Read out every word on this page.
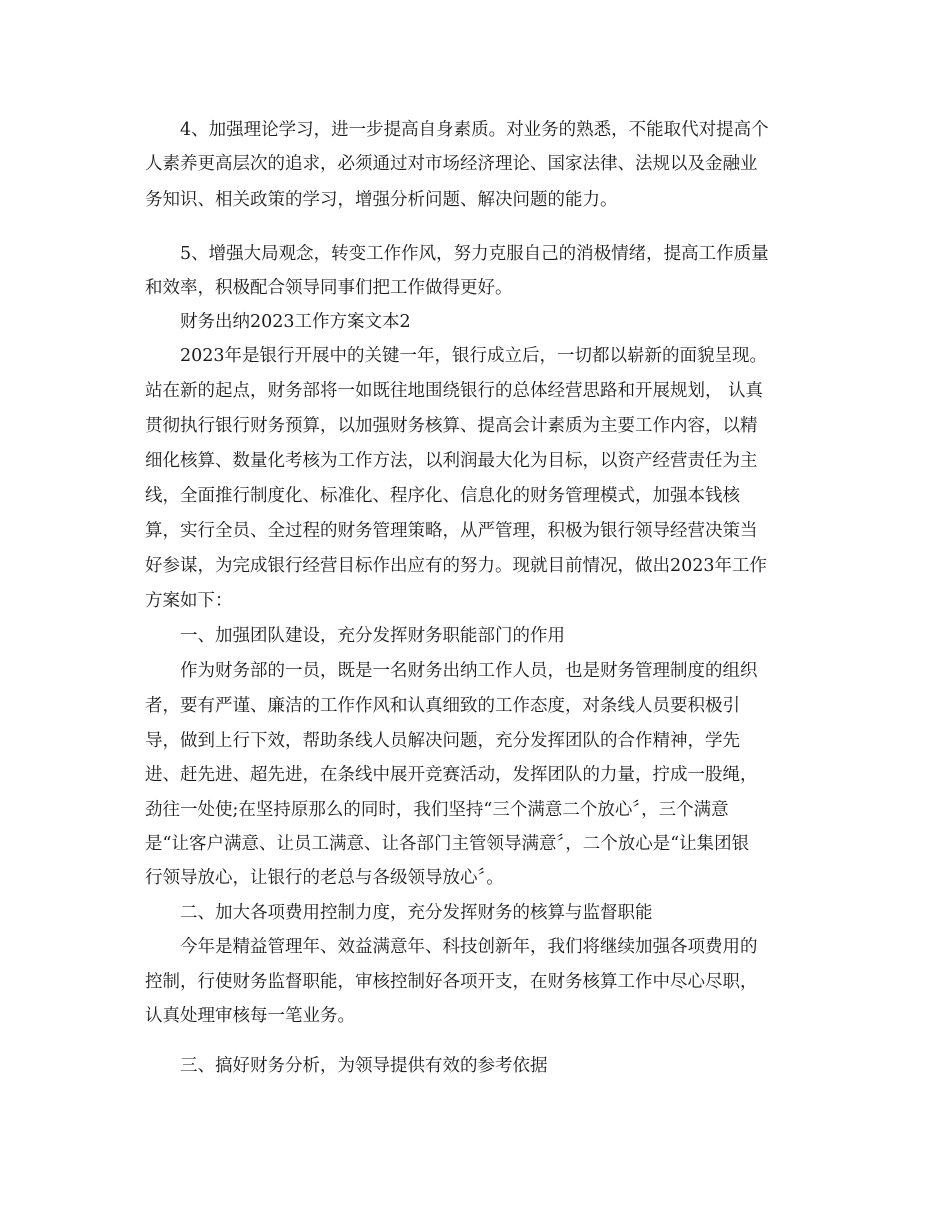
4、加强理论学习，进一步提高自身素质。对业务的熟悉，不能取代对提高个
人素养更高层次的追求，必须通过对市场经济理论、国家法律、法规以及金融业
务知识、相关政策的学习，增强分析问题、解决问题的能力。
5、增强大局观念，转变工作作风，努力克服自己的消极情绪，提高工作质量
和效率，积极配合领导同事们把工作做得更好。
财务出纳2023工作方案文本2
2023年是银行开展中的关键一年，银行成立后，一切都以崭新的面貌呈现。
站在新的起点，财务部将一如既往地围绕银行的总体经营思路和开展规划， 认真
贯彻执行银行财务预算，以加强财务核算、提高会计素质为主要工作内容，以精
细化核算、数量化考核为工作方法，以利润最大化为目标，以资产经营责任为主
线，全面推行制度化、标准化、程序化、信息化的财务管理模式，加强本钱核
算，实行全员、全过程的财务管理策略，从严管理，积极为银行领导经营决策当
好参谋，为完成银行经营目标作出应有的努力。现就目前情况，做出2023年工作
方案如下：
一、加强团队建设，充分发挥财务职能部门的作用
作为财务部的一员，既是一名财务出纳工作人员，也是财务管理制度的组织
者，要有严谨、廉洁的工作作风和认真细致的工作态度，对条线人员要积极引
导，做到上行下效，帮助条线人员解决问题，充分发挥团队的合作精神，学先
进、赶先进、超先进，在条线中展开竞赛活动，发挥团队的力量，拧成一股绳，
劲往一处使;在坚持原那么的同时，我们坚持“三个满意二个放心〞，三个满意
是“让客户满意、让员工满意、让各部门主管领导满意〞，二个放心是“让集团银
行领导放心，让银行的老总与各级领导放心〞。
二、加大各项费用控制力度，充分发挥财务的核算与监督职能
今年是精益管理年、效益满意年、科技创新年，我们将继续加强各项费用的
控制，行使财务监督职能，审核控制好各项开支，在财务核算工作中尽心尽职，
认真处理审核每一笔业务。
三、搞好财务分析，为领导提供有效的参考依据
